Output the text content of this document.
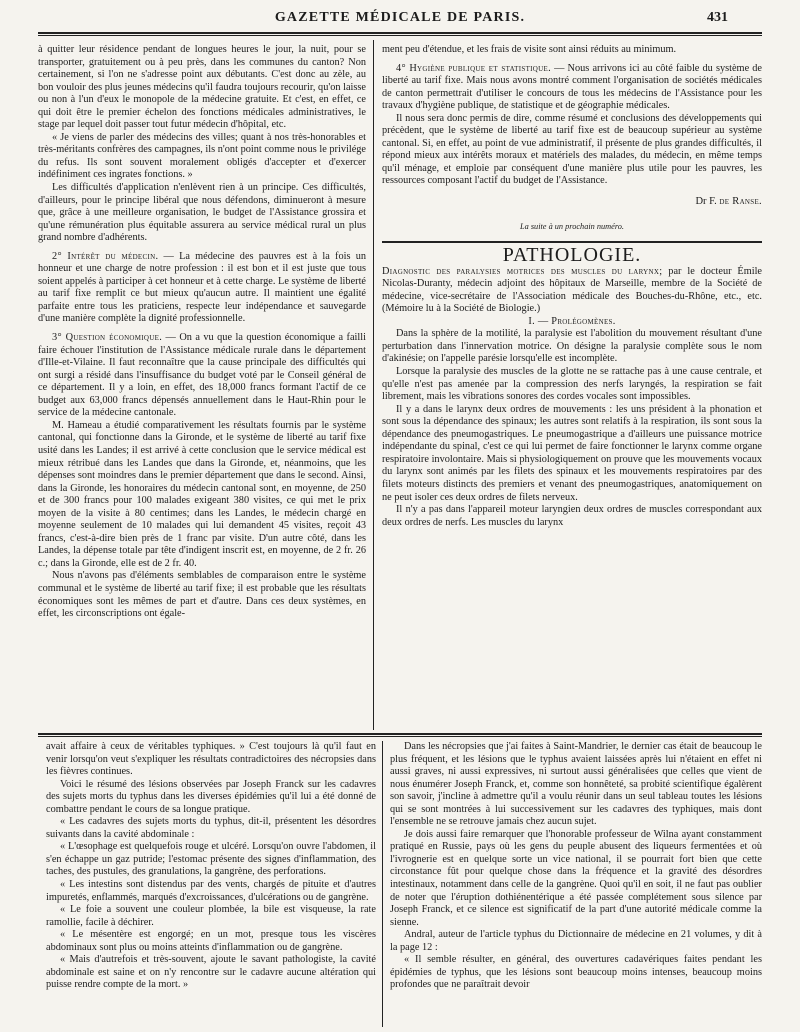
GAZETTE MÉDICALE DE PARIS.	431

à quitter leur résidence pendant de longues heures le jour, la nuit, pour se transporter, gratuitement ou à peu près, dans les communes du canton? Non certainement, si l'on ne s'adresse point aux débutants. C'est donc au zèle, au bon vouloir des plus jeunes médecins qu'il faudra toujours recourir, qu'on laisse ou non à l'un d'eux le monopole de la médecine gratuite. Et c'est, en effet, ce qui doit être le premier échelon des fonctions médicales administratives, le stage par lequel doit passer tout futur médecin d'hôpital, etc.

« Je viens de parler des médecins des villes; quant à nos très-honorables et très-méritants confrères des campagnes, ils n'ont point comme nous le privilége du refus. Ils sont souvent moralement obligés d'accepter et d'exercer indéfiniment ces ingrates fonctions. »

Les difficultés d'application n'enlèvent rien à un principe. Ces difficultés, d'ailleurs, pour le principe libéral que nous défendons, diminueront à mesure que, grâce à une meilleure organisation, le budget de l'Assistance grossira et qu'une rémunération plus équitable assurera au service médical rural un plus grand nombre d'adhérents.

2° Intérêt du médecin. — La médecine des pauvres est à la fois un honneur et une charge de notre profession : il est bon et il est juste que tous soient appelés à participer à cet honneur et à cette charge. Le système de liberté au tarif fixe remplit ce but mieux qu'aucun autre. Il maintient une égalité parfaite entre tous les praticiens, respecte leur indépendance et sauvegarde d'une manière complète la dignité professionnelle.

3° Question économique. — On a vu que la question économique a failli faire échouer l'institution de l'Assistance médicale rurale dans le département d'Ille-et-Vilaine. Il faut reconnaître que la cause principale des difficultés qui ont surgi a résidé dans l'insuffisance du budget voté par le Conseil général de ce département. Il y a loin, en effet, des 18,000 francs formant l'actif de ce budget aux 63,000 francs dépensés annuellement dans le Haut-Rhin pour le service de la médecine cantonale.

M. Hameau a étudié comparativement les résultats fournis par le système cantonal, qui fonctionne dans la Gironde, et le système de liberté au tarif fixe usité dans les Landes; il est arrivé à cette conclusion que le service médical est mieux rétribué dans les Landes que dans la Gironde, et, néanmoins, que les dépenses sont moindres dans le premier département que dans le second. Ainsi, dans la Gironde, les honoraires du médecin cantonal sont, en moyenne, de 250 et de 300 francs pour 100 malades exigeant 380 visites, ce qui met le prix moyen de la visite à 80 centimes; dans les Landes, le médecin chargé en moyenne seulement de 10 malades qui lui demandent 45 visites, reçoit 43 francs, c'est-à-dire bien près de 1 franc par visite. D'un autre côté, dans les Landes, la dépense totale par tête d'indigent inscrit est, en moyenne, de 2 fr. 26 c.; dans la Gironde, elle est de 2 fr. 40.

Nous n'avons pas d'éléments semblables de comparaison entre le système communal et le système de liberté au tarif fixe; il est probable que les résultats économiques sont les mêmes de part et d'autre. Dans ces deux systèmes, en effet, les circonscriptions ont égale-

ment peu d'étendue, et les frais de visite sont ainsi réduits au minimum.

4° Hygiène publique et statistique. — Nous arrivons ici au côté faible du système de liberté au tarif fixe. Mais nous avons montré comment l'organisation de sociétés médicales de canton permettrait d'utiliser le concours de tous les médecins de l'Assistance pour les travaux d'hygiène publique, de statistique et de géographie médicales.

Il nous sera donc permis de dire, comme résumé et conclusions des développements qui précèdent, que le système de liberté au tarif fixe est de beaucoup supérieur au système cantonal. Si, en effet, au point de vue administratif, il présente de plus grandes difficultés, il répond mieux aux intérêts moraux et matériels des malades, du médecin, en même temps qu'il ménage, et emploie par conséquent d'une manière plus utile pour les pauvres, les ressources composant l'actif du budget de l'Assistance.

Dr F. de Ranse.
La suite à un prochain numéro.
PATHOLOGIE.

Diagnostic des paralysies motrices des muscles du larynx; par le docteur Émile Nicolas-Duranty, médecin adjoint des hôpitaux de Marseille, membre de la Société de médecine, vice-secrétaire de l'Association médicale des Bouches-du-Rhône, etc., etc. (Mémoire lu à la Société de Biologie.)

I. — Prolégomènes.

Dans la sphère de la motilité, la paralysie est l'abolition du mouvement résultant d'une perturbation dans l'innervation motrice. On désigne la paralysie complète sous le nom d'akinésie; on l'appelle parésie lorsqu'elle est incomplète.

Lorsque la paralysie des muscles de la glotte ne se rattache pas à une cause centrale, et qu'elle n'est pas amenée par la compression des nerfs laryngés, la respiration se fait librement, mais les vibrations sonores des cordes vocales sont impossibles.

Il y a dans le larynx deux ordres de mouvements : les uns président à la phonation et sont sous la dépendance des spinaux; les autres sont relatifs à la respiration, ils sont sous la dépendance des pneumogastriques. Le pneumogastrique a d'ailleurs une puissance motrice indépendante du spinal, c'est ce qui lui permet de faire fonctionner le larynx comme organe respiratoire involontaire. Mais si physiologiquement on prouve que les mouvements vocaux du larynx sont animés par les filets des spinaux et les mouvements respiratoires par des filets moteurs distincts des premiers et venant des pneumogastriques, anatomiquement on ne peut isoler ces deux ordres de filets nerveux.

Il n'y a pas dans l'appareil moteur laryngien deux ordres de muscles correspondant aux deux ordres de nerfs. Les muscles du larynx

avait affaire à ceux de véritables typhiques. » C'est toujours là qu'il faut en venir lorsqu'on veut s'expliquer les résultats contradictoires des nécropsies dans les fièvres continues.

Voici le résumé des lésions observées par Joseph Franck sur les cadavres des sujets morts du typhus dans les diverses épidémies qu'il lui a été donné de combattre pendant le cours de sa longue pratique.

« Les cadavres des sujets morts du typhus, dit-il, présentent les désordres suivants dans la cavité abdominale :

« L'œsophage est quelquefois rouge et ulcéré. Lorsqu'on ouvre l'abdomen, il s'en échappe un gaz putride; l'estomac présente des signes d'inflammation, des taches, des pustules, des granulations, la gangrène, des perforations.

« Les intestins sont distendus par des vents, chargés de pituite et d'autres impuretés, enflammés, marqués d'excroissances, d'ulcérations ou de gangrène.

« Le foie a souvent une couleur plombée, la bile est visqueuse, la rate ramollie, facile à déchirer.

« Le mésentère est engorgé; en un mot, presque tous les viscères abdominaux sont plus ou moins atteints d'inflammation ou de gangrène.

« Mais d'autrefois et très-souvent, ajoute le savant pathologiste, la cavité abdominale est saine et on n'y rencontre sur le cadavre aucune altération qui puisse rendre compte de la mort. »

Dans les nécropsies que j'ai faites à Saint-Mandrier, le dernier cas était de beaucoup le plus fréquent, et les lésions que le typhus avaient laissées après lui n'étaient en effet ni aussi graves, ni aussi expressives, ni surtout aussi généralisées que celles que vient de nous énumérer Joseph Franck, et, comme son honnêteté, sa probité scientifique égalèrent son savoir, j'incline à admettre qu'il a voulu réunir dans un seul tableau toutes les lésions qui se sont montrées à lui successivement sur les cadavres des typhiques, mais dont l'ensemble ne se retrouve jamais chez aucun sujet.

Je dois aussi faire remarquer que l'honorable professeur de Wilna ayant constamment pratiqué en Russie, pays où les gens du peuple abusent des liqueurs fermentées et où l'ivrognerie est en quelque sorte un vice national, il se pourrait fort bien que cette circonstance fût pour quelque chose dans la fréquence et la gravité des désordres intestinaux, notamment dans celle de la gangrène. Quoi qu'il en soit, il ne faut pas oublier de noter que l'éruption dothiénentérique a été passée complétement sous silence par Joseph Franck, et ce silence est significatif de la part d'une autorité médicale comme la sienne.

Andral, auteur de l'article typhus du Dictionnaire de médecine en 21 volumes, y dit à la page 12 :

« Il semble résulter, en général, des ouvertures cadavériques faites pendant les épidémies de typhus, que les lésions sont beaucoup moins intenses, beaucoup moins profondes que ne paraîtrait devoir
